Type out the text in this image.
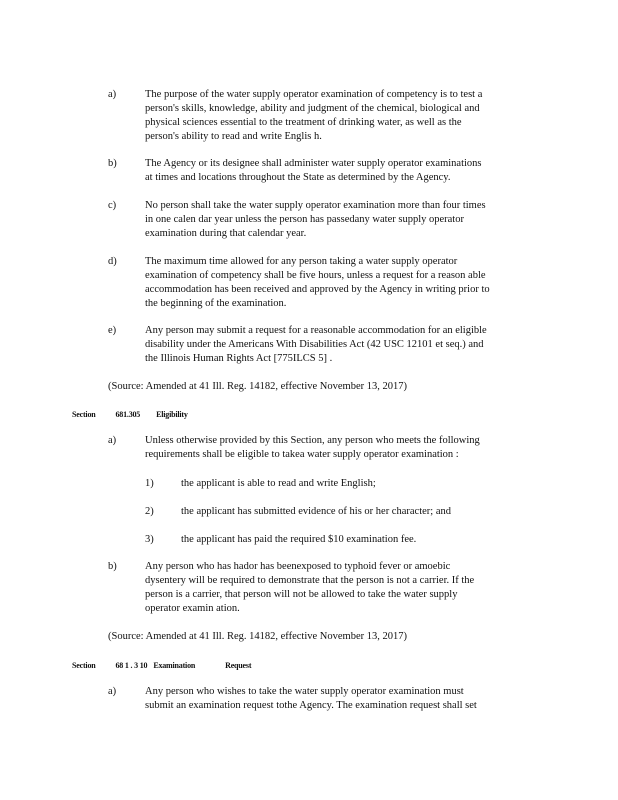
a)	The purpose of the water supply operator examination of competency is to test a
person's skills, knowledge, ability and judgment of the chemical, biological and
physical sciences essential to the treatment of drinking water, as well as the
person's ability to read and write Englis h.
b)	The Agency or its designee shall administer water supply operator examinations
at times and locations throughout the State as determined by the Agency.
c)	No person shall take the water supply operator examination more than four times
in one calen dar year unless the person has passedany water supply operator
examination during that calendar year.
d)	The maximum time allowed for any person taking a water supply operator
examination of competency shall be five hours, unless a request for a reason able
accommodation has been received and approved by the Agency in writing prior to
the beginning of the examination.
e)	Any person may submit a request for a reasonable accommodation for an eligible
disability under the Americans With Disabilities Act (42 USC 12101 et seq.) and
the Illinois Human Rights Act [775ILCS 5] .
(Source: Amended at 41 Ill. Reg. 14182, effective November 13, 2017)
Section	681.305 Eligibility
a)	Unless otherwise provided by this Section, any person who meets the following
requirements shall be eligible to takea water supply operator examination :
1)	the applicant is able to read and write English;
2)	the applicant has submitted evidence of his or her character; and
3)	the applicant has paid the required $10 examination fee.
b)	Any person who has hador has beenexposed to typhoid fever or amoebic
dysentery will be required to demonstrate that the person is not a carrier. If the
person is a carrier, that person will not be allowed to take the water supply
operator examin ation.
(Source: Amended at 41 Ill. Reg. 14182, effective November 13, 2017)
Section	68 1 . 3 10 Examination	Request
a)	Any person who wishes to take the water supply operator examination must
submit an examination request tothe Agency. The examination request shall set
